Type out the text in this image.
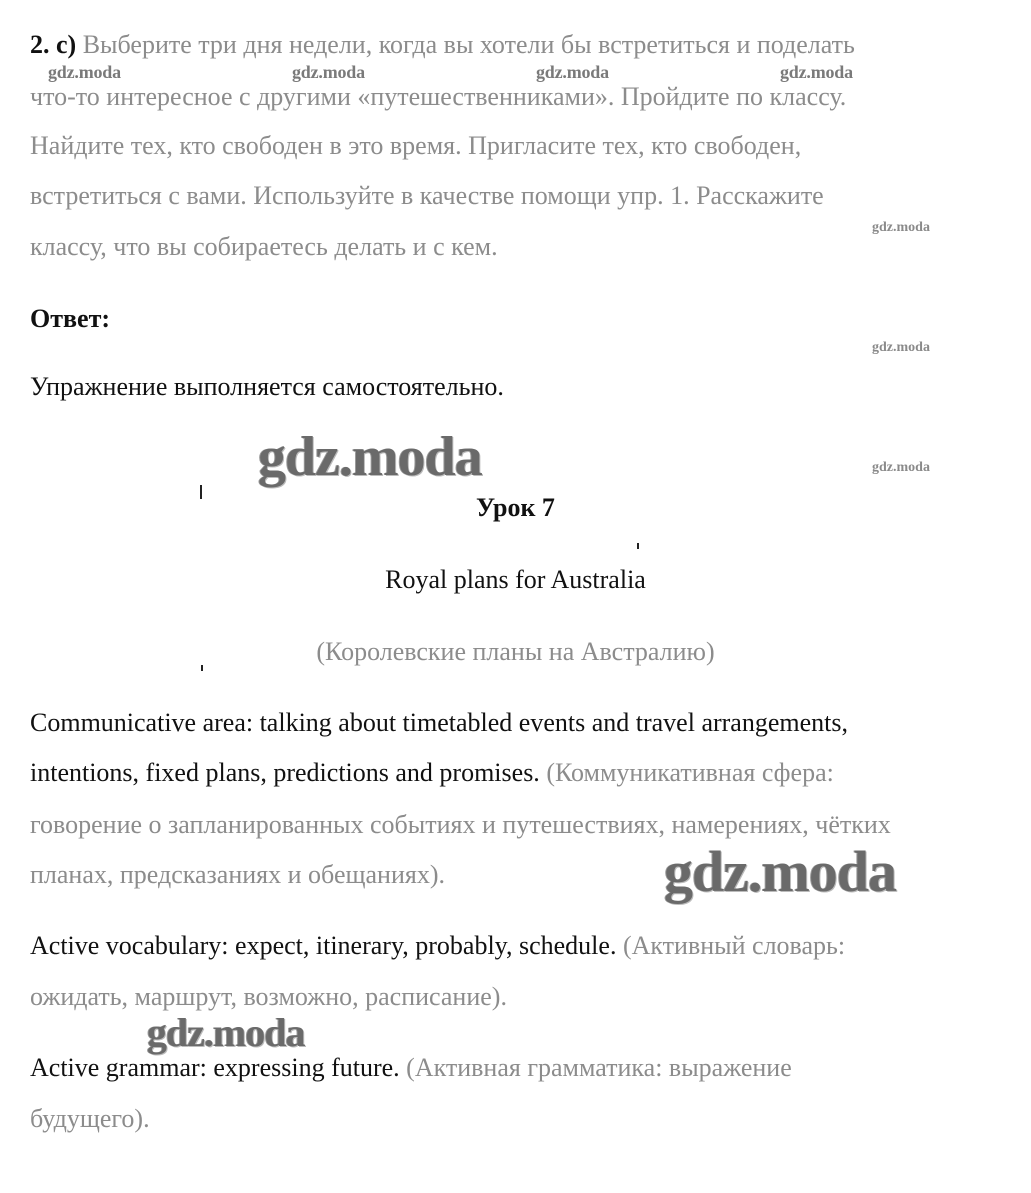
2. c) Выберите три дня недели, когда вы хотели бы встретиться и поделать
что-то интересное с другими «путешественниками». Пройдите по классу.
Найдите тех, кто свободен в это время. Пригласите тех, кто свободен,
встретиться с вами. Используйте в качестве помощи упр. 1. Расскажите
классу, что вы собираетесь делать и с кем.
Ответ:
Упражнение выполняется самостоятельно.
Урок 7
Royal plans for Australia
(Королевские планы на Австралию)
Communicative area: talking about timetabled events and travel arrangements,
intentions, fixed plans, predictions and promises. (Коммуникативная сфера:
говорение о запланированных событиях и путешествиях, намерениях, чётких
планах, предсказаниях и обещаниях).
Active vocabulary: expect, itinerary, probably, schedule. (Активный словарь:
ожидать, маршрут, возможно, расписание).
Active grammar: expressing future. (Активная грамматика: выражение
будущего).
gdz.moda	gdz.moda	gdz.moda	gdz.moda
gdz.moda
gdz.moda
gdz.moda
gdz.moda
gdz.moda
gdz.moda
